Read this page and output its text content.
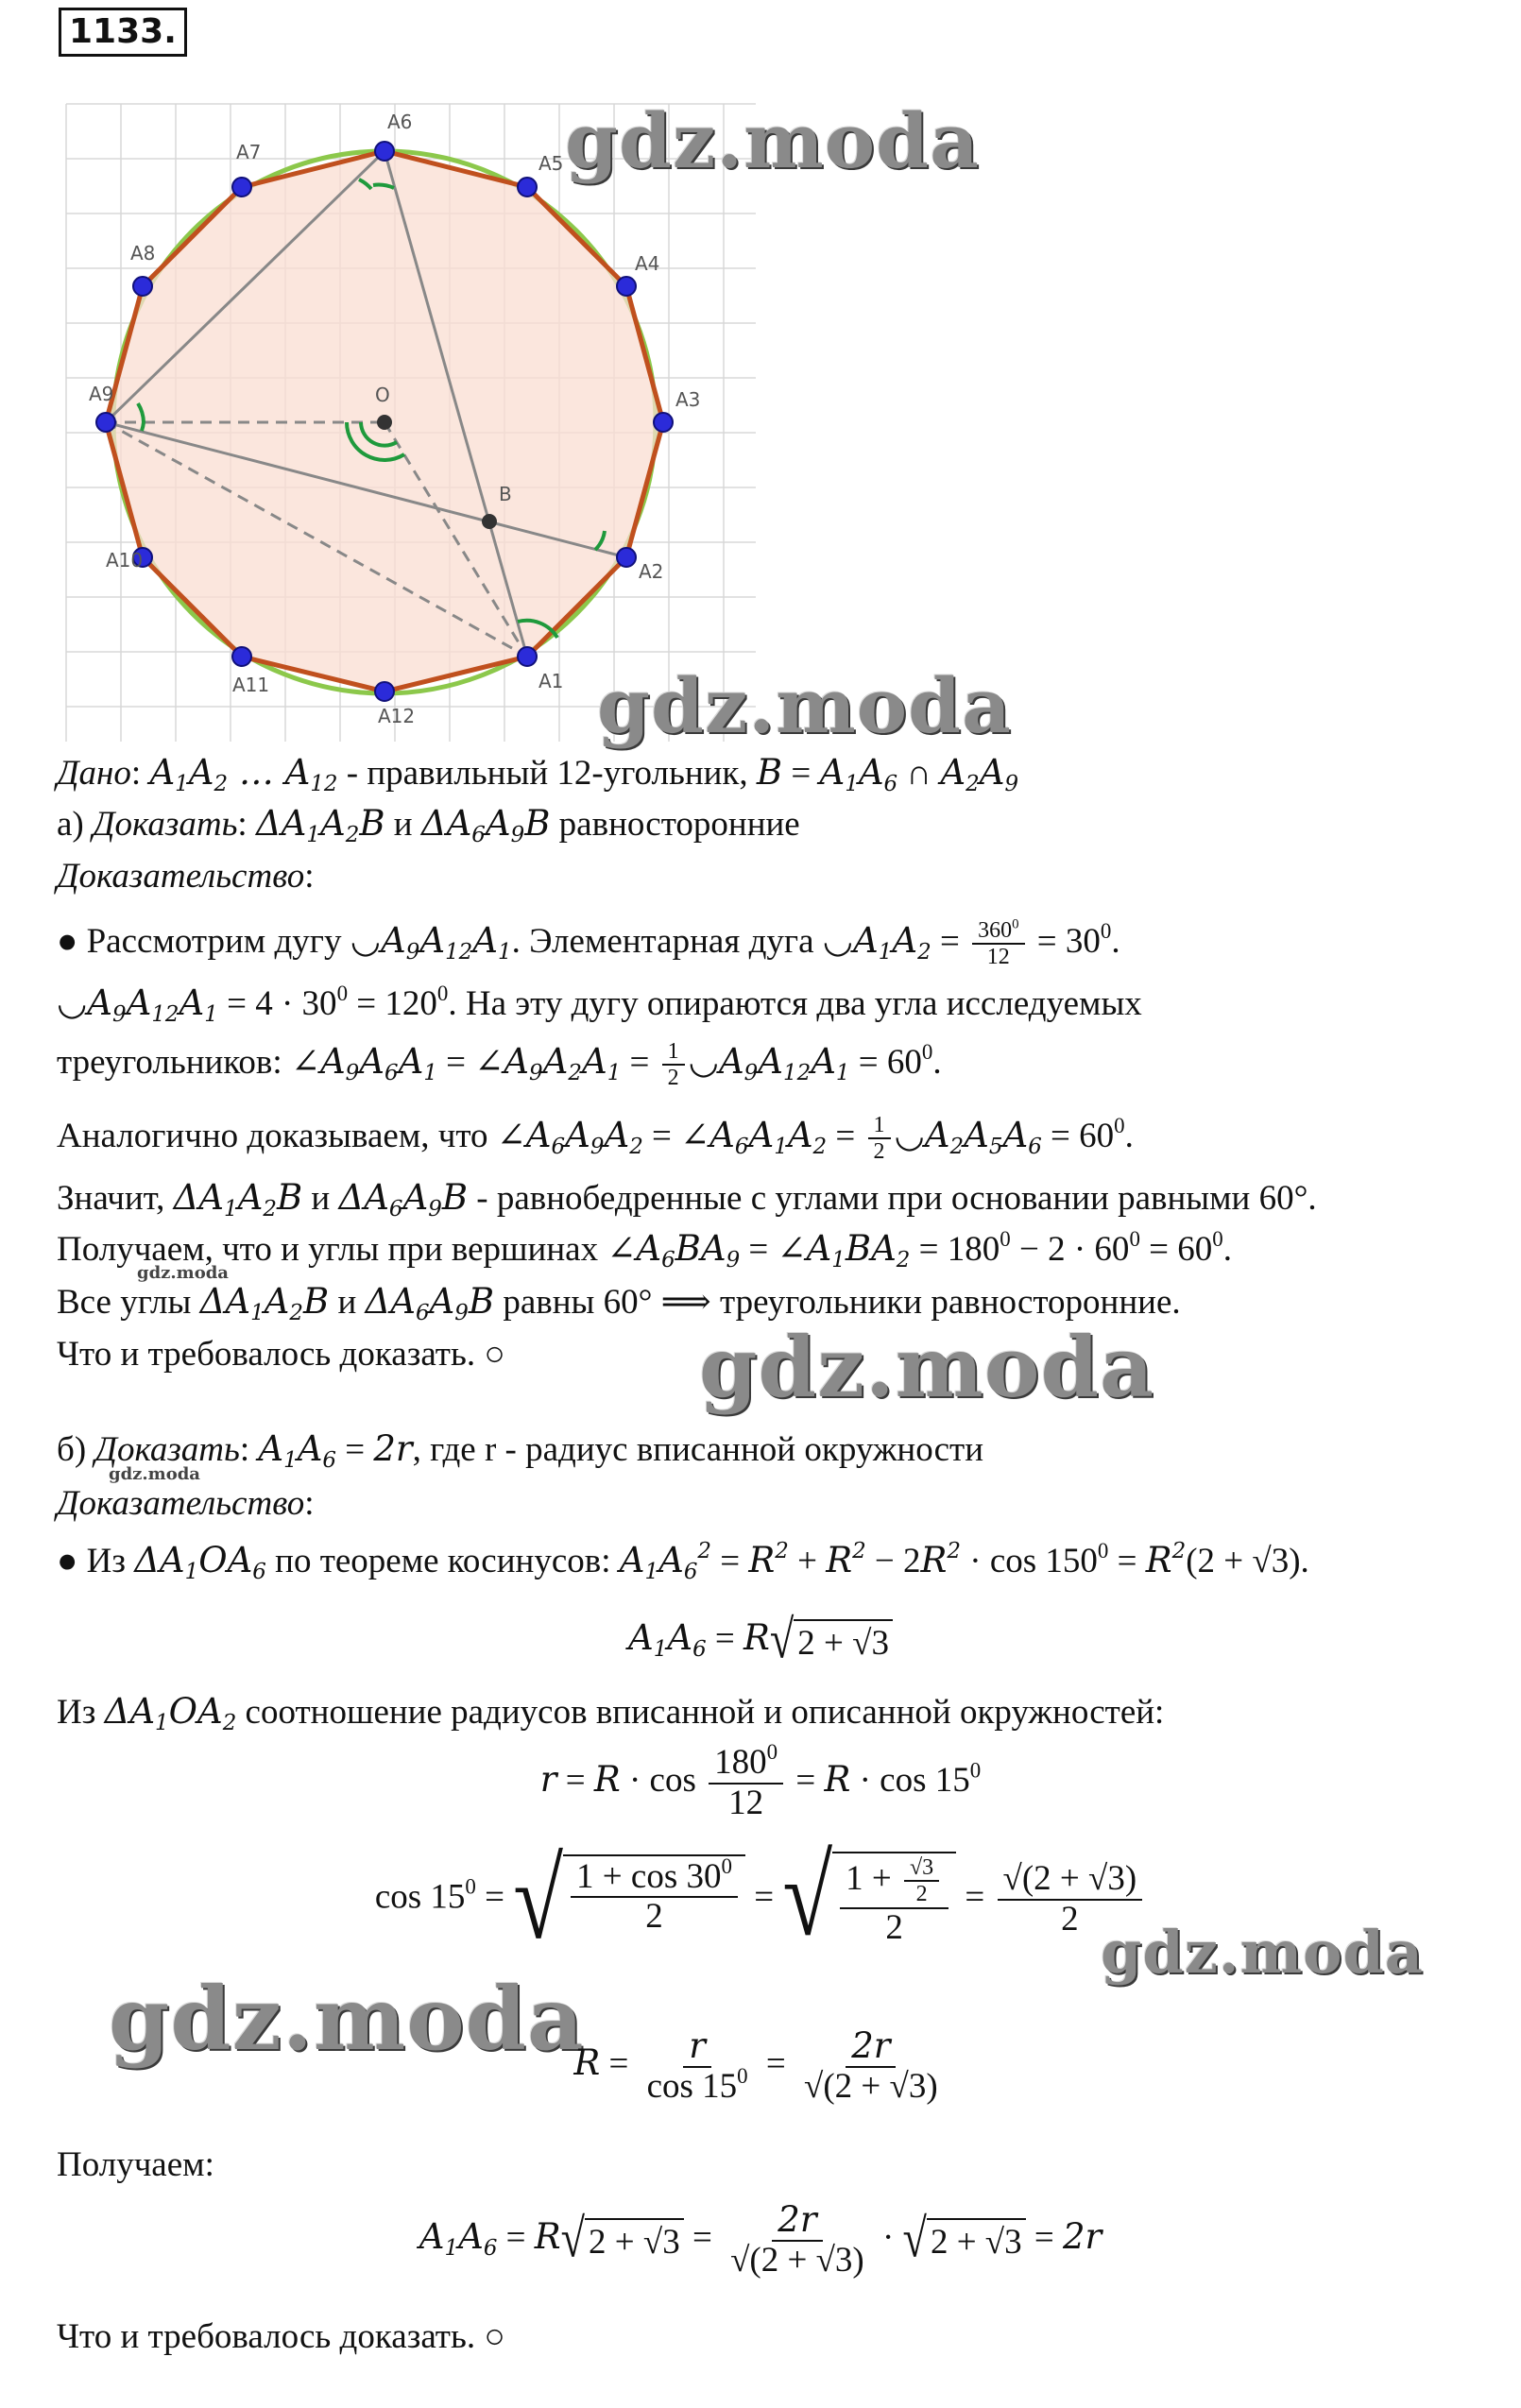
1133.
A1
A2
A3
A4
A5
A6
A7
A8
A9
A10
A11
A12
O
B
gdz.moda
gdz.moda
gdz.moda
gdz.moda
gdz.moda
gdz.moda
gdz.moda
Дано: $A_1A_2$ … $A_{12}$ - правильный 12-угольник, $B = A_1A_6$ ∩ $A_2A_9$
а) Доказать: $\Delta A_1A_2B$ и $\Delta A_6A_9B$ равносторонние
Доказательство:
● Рассмотрим дугу $◡A_9A_{12}A_1$. Элементарная дуга $◡A_1A_2 = \frac{360^0}{12} = 30^0$.
$◡A_9A_{12}A_1 = 4 \cdot 30^0 = 120^0$. На эту дугу опираются два угла исследуемых
треугольников: $\angle A_9A_6A_1$ = $\angle A_9A_2A_1 = \frac{1}{2}$ $◡A_9A_{12}A_1 = 60^0$.
Аналогично доказываем, что $\angle A_6A_9A_2$ = $\angle A_6A_1A_2 = \frac{1}{2}$ $◡A_2A_5A_6 = 60^0$.
Значит, $\Delta A_1A_2B$ и $\Delta A_6A_9B$ - равнобедренные с углами при основании равными 60°.
Получаем, что и углы при вершинах $\angle A_6BA_9$ = $\angle A_1BA_2 = 180^0 - 2 \cdot 60^0 = 60^0$.
Все углы $\Delta A_1A_2B$ и $\Delta A_6A_9B$ равны 60° ⟹ треугольники равносторонние.
Что и требовалось доказать. ○
б) Доказать: $A_1A_6 = 2r$, где r - радиус вписанной окружности
Доказательство:
● Из $\Delta A_1OA_6$ по теореме косинусов: $A_1A_6^2 = R^2 + R^2 - 2R^2 \cdot \cos 150^0 = R^2(2 + √3)$.
$A_1A_6 = R$ √ 2 + √3
Из $\Delta A_1OA_2$ соотношение радиусов вписанной и описанной окружностей:
$r = R \cdot \cos \frac{180^0}{12} = R \cdot \cos 15^0$
$\cos 15^0$ = √ $\frac{1 + \cos 30^0}{2}$ = √ $\frac{1 + \frac{√3}{2}}{2} = \frac{√(2 + √3)}{2}$
$R = \frac{r}{\cos 15^0} = \frac{2r}{√(2 + √3)}$
Получаем:
$A_1A_6 = R$ √ $2 + √3 = \frac{2r}{√(2 + √3)}$ · √ 2 + √3 = 2r
Что и требовалось доказать. ○
